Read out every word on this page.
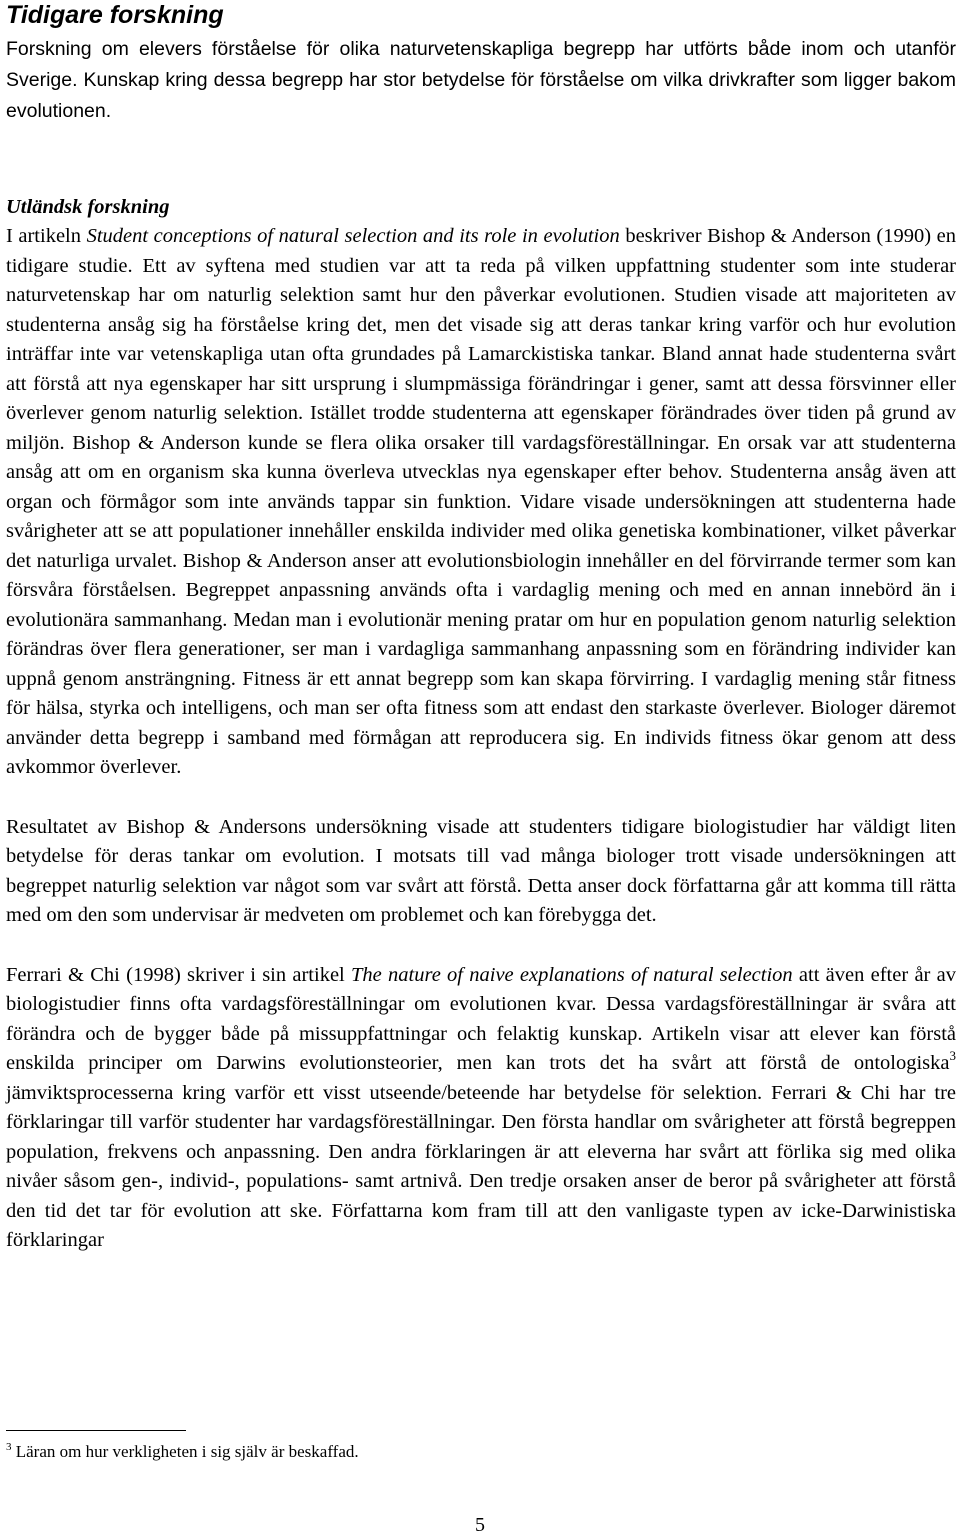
Tidigare forskning

Forskning om elevers förståelse för olika naturvetenskapliga begrepp har utförts både inom och utanför Sverige. Kunskap kring dessa begrepp har stor betydelse för förståelse om vilka drivkrafter som ligger bakom evolutionen.

Utländsk forskning

I artikeln Student conceptions of natural selection and its role in evolution beskriver Bishop & Anderson (1990) en tidigare studie. Ett av syftena med studien var att ta reda på vilken uppfattning studenter som inte studerar naturvetenskap har om naturlig selektion samt hur den påverkar evolutionen. Studien visade att majoriteten av studenterna ansåg sig ha förståelse kring det, men det visade sig att deras tankar kring varför och hur evolution inträffar inte var vetenskapliga utan ofta grundades på Lamarckistiska tankar. Bland annat hade studenterna svårt att förstå att nya egenskaper har sitt ursprung i slumpmässiga förändringar i gener, samt att dessa försvinner eller överlever genom naturlig selektion. Istället trodde studenterna att egenskaper förändrades över tiden på grund av miljön. Bishop & Anderson kunde se flera olika orsaker till vardagsföreställningar. En orsak var att studenterna ansåg att om en organism ska kunna överleva utvecklas nya egenskaper efter behov. Studenterna ansåg även att organ och förmågor som inte används tappar sin funktion. Vidare visade undersökningen att studenterna hade svårigheter att se att populationer innehåller enskilda individer med olika genetiska kombinationer, vilket påverkar det naturliga urvalet. Bishop & Anderson anser att evolutionsbiologin innehåller en del förvirrande termer som kan försvåra förståelsen. Begreppet anpassning används ofta i vardaglig mening och med en annan innebörd än i evolutionära sammanhang. Medan man i evolutionär mening pratar om hur en population genom naturlig selektion förändras över flera generationer, ser man i vardagliga sammanhang anpassning som en förändring individer kan uppnå genom ansträngning. Fitness är ett annat begrepp som kan skapa förvirring. I vardaglig mening står fitness för hälsa, styrka och intelligens, och man ser ofta fitness som att endast den starkaste överlever. Biologer däremot använder detta begrepp i samband med förmågan att reproducera sig. En individs fitness ökar genom att dess avkommor överlever.

Resultatet av Bishop & Andersons undersökning visade att studenters tidigare biologistudier har väldigt liten betydelse för deras tankar om evolution. I motsats till vad många biologer trott visade undersökningen att begreppet naturlig selektion var något som var svårt att förstå. Detta anser dock författarna går att komma till rätta med om den som undervisar är medveten om problemet och kan förebygga det.

Ferrari & Chi (1998) skriver i sin artikel The nature of naive explanations of natural selection att även efter år av biologistudier finns ofta vardagsföreställningar om evolutionen kvar. Dessa vardagsföreställningar är svåra att förändra och de bygger både på missuppfattningar och felaktig kunskap. Artikeln visar att elever kan förstå enskilda principer om Darwins evolutionsteorier, men kan trots det ha svårt att förstå de ontologiska$^3$ jämviktsprocesserna kring varför ett visst utseende/beteende har betydelse för selektion. Ferrari & Chi har tre förklaringar till varför studenter har vardagsföreställningar. Den första handlar om svårigheter att förstå begreppen population, frekvens och anpassning. Den andra förklaringen är att eleverna har svårt att förlika sig med olika nivåer såsom gen-, individ-, populations- samt artnivå. Den tredje orsaken anser de beror på svårigheter att förstå den tid det tar för evolution att ske. Författarna kom fram till att den vanligaste typen av icke-Darwinistiska förklaringar

$^3$ Läran om hur verkligheten i sig själv är beskaffad.
5
